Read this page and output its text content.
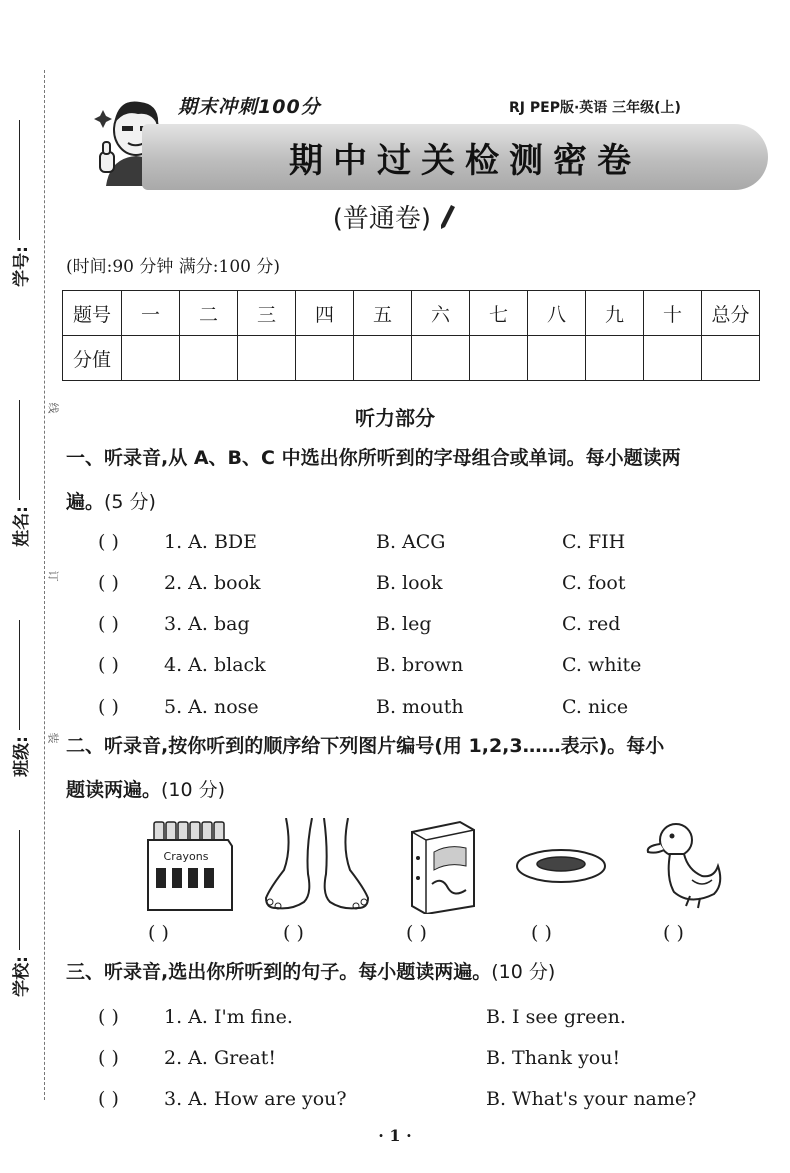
学号:
姓名:
班级:
学校:
线
订
装
期末冲刺100分	RJ PEP版·英语 三年级(上)
期中过关检测密卷
(普通卷)
(时间:90 分钟 满分:100 分)
题号	一	二	三	四	五	六	七	八	九	十	总分
分值											
听力部分
一、听录音,从 A、B、C 中选出你所听到的字母组合或单词。每小题读两
遍。(5 分)
( ) 1. A. BDE	B. ACG	C. FIH
( ) 2. A. book	B. look	C. foot
( ) 3. A. bag	B. leg	C. red
( ) 4. A. black	B. brown	C. white
( ) 5. A. nose	B. mouth	C. nice
二、听录音,按你听到的顺序给下列图片编号(用 1,2,3……表示)。每小
题读两遍。(10 分)
Crayons
( )	( )	( )	( )	( )
三、听录音,选出你所听到的句子。每小题读两遍。(10 分)
( ) 1. A. I'm fine.	B. I see green.
( ) 2. A. Great!	B. Thank you!
( ) 3. A. How are you?	B. What's your name?
· 1 ·
